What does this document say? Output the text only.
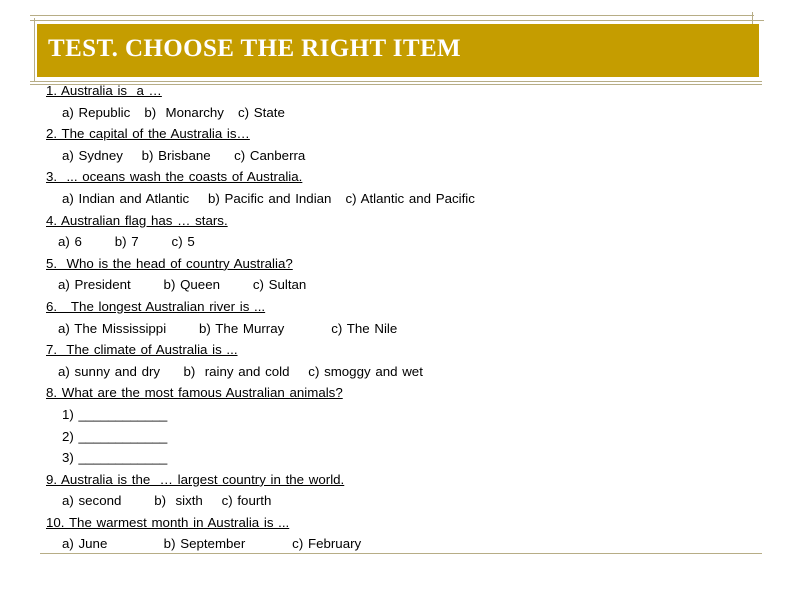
TEST. CHOOSE THE RIGHT ITEM
1. Australia is  a …
a) Republic   b)  Monarchy   c) State
2. The capital of the Australia is…
a) Sydney    b) Brisbane     c) Canberra
3.  ... oceans wash the coasts of Australia.
a) Indian and Atlantic    b) Pacific and Indian   c) Atlantic and Pacific
4. Australian flag has … stars.
a) 6       b) 7       c) 5
5.  Who is the head of country Australia?
a) President       b) Queen       c) Sultan
6.   The longest Australian river is ...
a) The Mississippi       b) The Murray          c) The Nile
7.  The climate of Australia is ...
a) sunny and dry     b)  rainy and cold    c) smoggy and wet
8. What are the most famous Australian animals?
1) ____________
2) ____________
3) ____________
9. Australia is the  … largest country in the world.
a) second       b)  sixth    c) fourth
10. The warmest month in Australia is ...
a) June            b) September          c) February
